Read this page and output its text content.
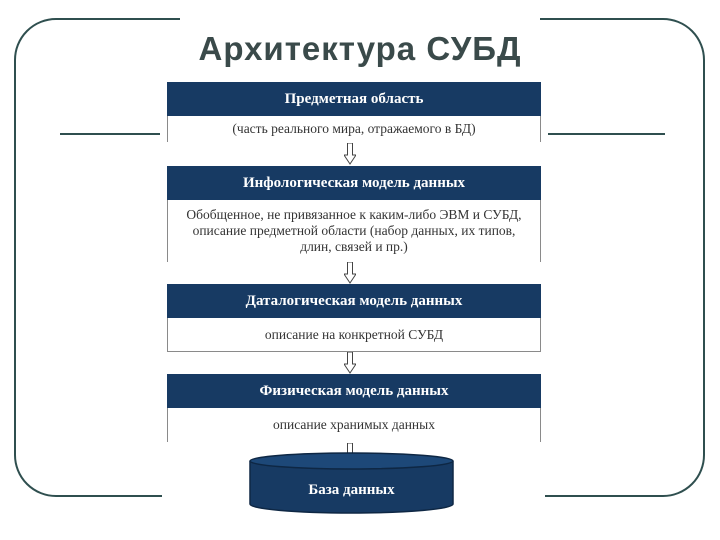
Архитектура СУБД
Предметная область
(часть реального мира, отражаемого в БД)
Инфологическая модель данных
Обобщенное, не привязанное к каким-либо ЭВМ и СУБД, описание предметной области (набор данных, их типов, длин, связей и пр.)
Даталогическая модель данных
описание на конкретной СУБД
Физическая модель данных
описание хранимых данных
База данных
